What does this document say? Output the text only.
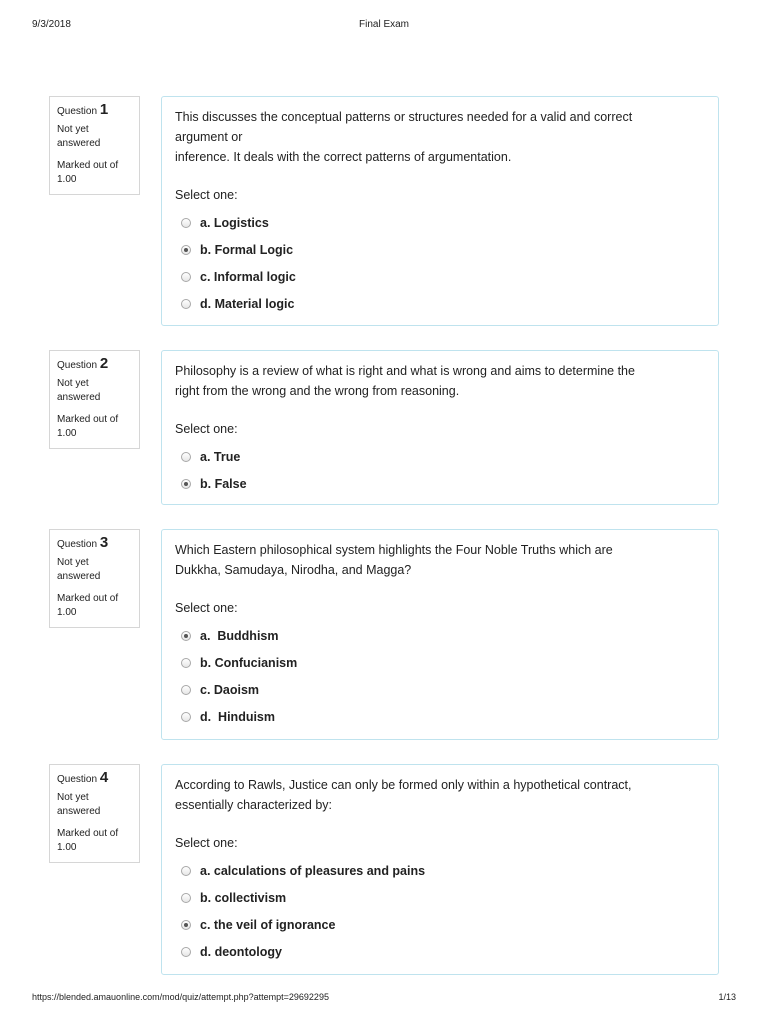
9/3/2018	Final Exam
Question 1
Not yet answered
Marked out of 1.00
This discusses the conceptual patterns or structures needed for a valid and correct
argument or
inference. It deals with the correct patterns of argumentation.
Select one:
a. Logistics
b. Formal Logic
c. Informal logic
d. Material logic
Question 2
Not yet answered
Marked out of 1.00
Philosophy is a review of what is right and what is wrong and aims to determine the
right from the wrong and the wrong from reasoning.
Select one:
a. True
b. False
Question 3
Not yet answered
Marked out of 1.00
Which Eastern philosophical system highlights the Four Noble Truths which are
Dukkha, Samudaya, Nirodha, and Magga?
Select one:
a.  Buddhism
b. Confucianism
c. Daoism
d.  Hinduism
Question 4
Not yet answered
Marked out of 1.00
According to Rawls, Justice can only be formed only within a hypothetical contract,
essentially characterized by:
Select one:
a. calculations of pleasures and pains
b. collectivism
c. the veil of ignorance
d. deontology
https://blended.amauonline.com/mod/quiz/attempt.php?attempt=29692295	1/13
